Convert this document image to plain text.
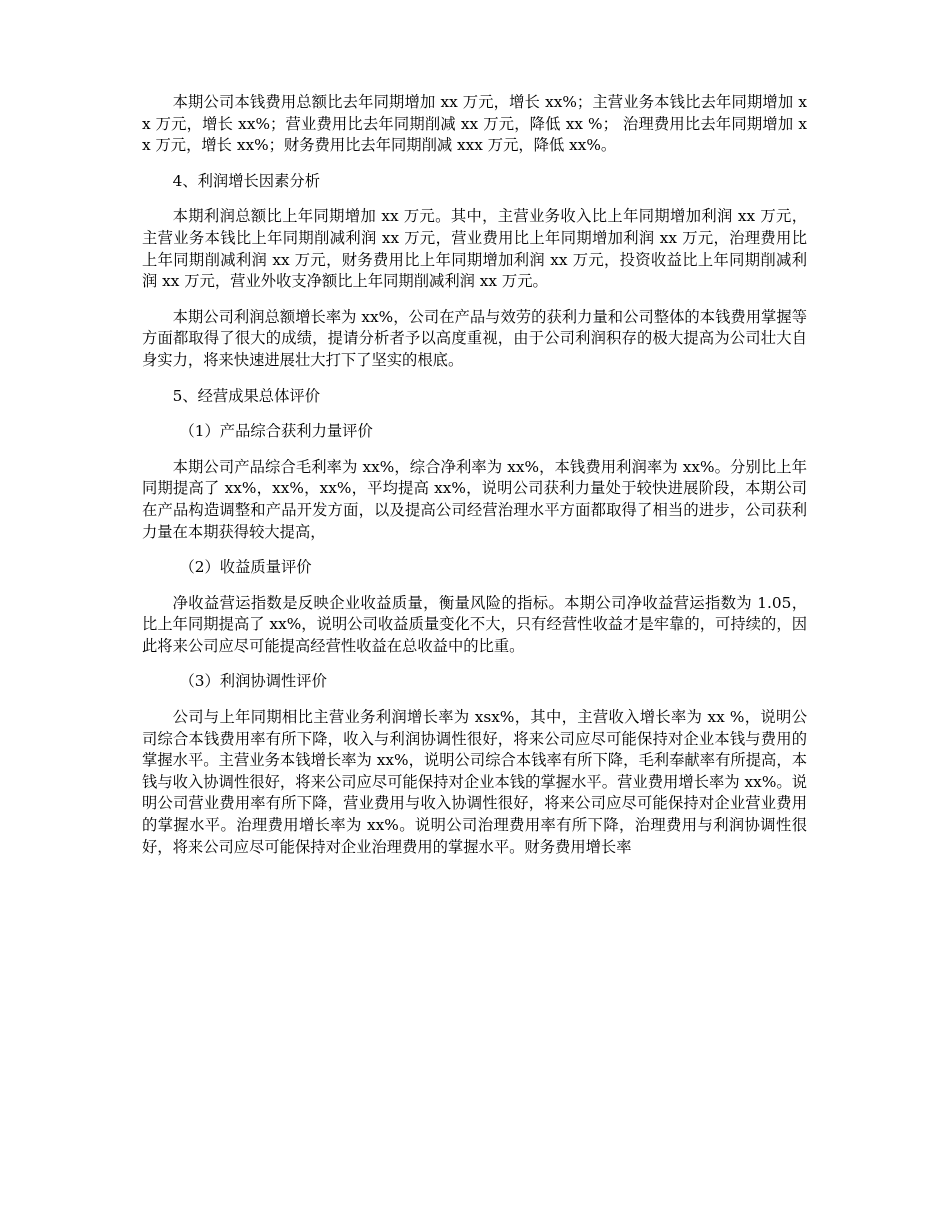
本期公司本钱费用总额比去年同期增加 xx 万元，增长 xx%；主营业务本钱比去年同期增加 xx 万元，增长 xx%；营业费用比去年同期削减 xx 万元，降低 xx %； 治理费用比去年同期增加 xx 万元，增长 xx%；财务费用比去年同期削减 xxx 万元，降低 xx%。

4、利润增长因素分析

本期利润总额比上年同期增加 xx 万元。其中，主营业务收入比上年同期增加利润 xx 万元，主营业务本钱比上年同期削减利润 xx 万元，营业费用比上年同期增加利润 xx 万元，治理费用比上年同期削减利润 xx 万元，财务费用比上年同期增加利润 xx 万元，投资收益比上年同期削减利润 xx 万元，营业外收支净额比上年同期削减利润 xx 万元。

本期公司利润总额增长率为 xx%，公司在产品与效劳的获利力量和公司整体的本钱费用掌握等方面都取得了很大的成绩，提请分析者予以高度重视，由于公司利润积存的极大提高为公司壮大自身实力，将来快速进展壮大打下了坚实的根底。

5、经营成果总体评价

（1）产品综合获利力量评价

本期公司产品综合毛利率为 xx%，综合净利率为 xx%，本钱费用利润率为 xx%。分别比上年同期提高了 xx%，xx%，xx%，平均提高 xx%，说明公司获利力量处于较快进展阶段，本期公司在产品构造调整和产品开发方面，以及提高公司经营治理水平方面都取得了相当的进步，公司获利力量在本期获得较大提高，

（2）收益质量评价

净收益营运指数是反映企业收益质量，衡量风险的指标。本期公司净收益营运指数为 1.05，比上年同期提高了 xx%，说明公司收益质量变化不大，只有经营性收益才是牢靠的，可持续的，因此将来公司应尽可能提高经营性收益在总收益中的比重。

（3）利润协调性评价

公司与上年同期相比主营业务利润增长率为 xsx%，其中，主营收入增长率为 xx %，说明公司综合本钱费用率有所下降，收入与利润协调性很好，将来公司应尽可能保持对企业本钱与费用的掌握水平。主营业务本钱增长率为 xx%，说明公司综合本钱率有所下降，毛利奉献率有所提高，本钱与收入协调性很好，将来公司应尽可能保持对企业本钱的掌握水平。营业费用增长率为 xx%。说明公司营业费用率有所下降，营业费用与收入协调性很好，将来公司应尽可能保持对企业营业费用的掌握水平。治理费用增长率为 xx%。说明公司治理费用率有所下降，治理费用与利润协调性很好，将来公司应尽可能保持对企业治理费用的掌握水平。财务费用增长率
